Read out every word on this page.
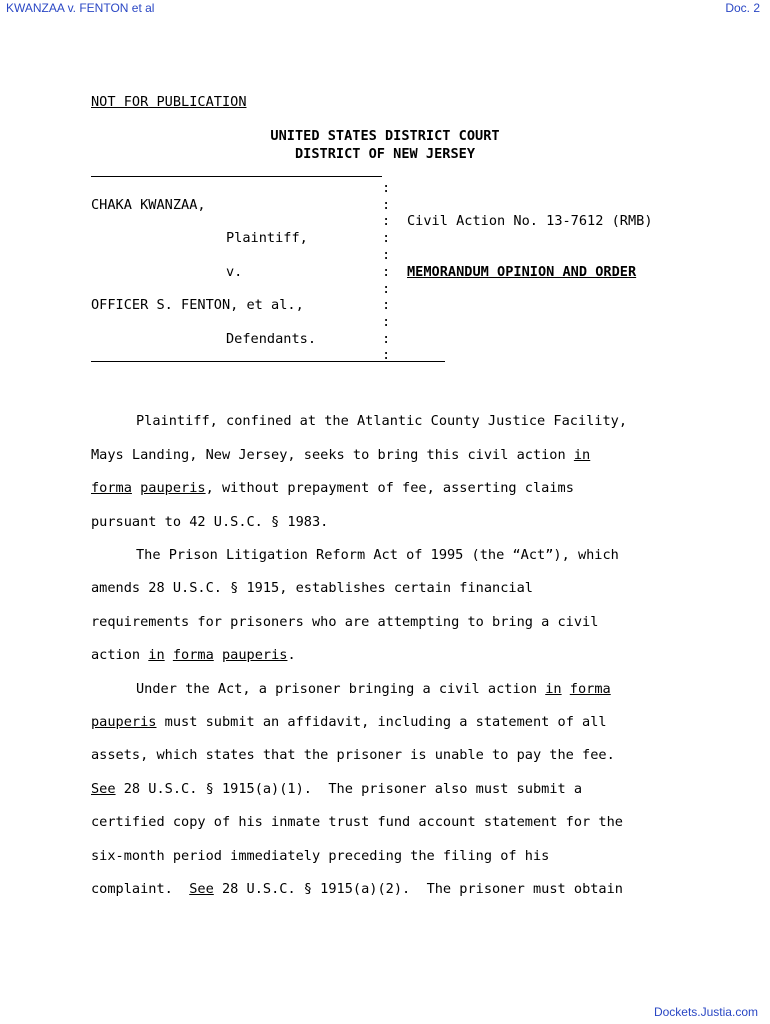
KWANZAA v. FENTON et al	Doc. 2
NOT FOR PUBLICATION
UNITED STATES DISTRICT COURT
DISTRICT OF NEW JERSEY
:
:
:
:
:
:
:
:
:
:
:
CHAKA KWANZAA,
Plaintiff,
v.
OFFICER S. FENTON, et al.,
Defendants.
Civil Action No. 13-7612 (RMB)
MEMORANDUM OPINION AND ORDER
Plaintiff, confined at the Atlantic County Justice Facility,
Mays Landing, New Jersey, seeks to bring this civil action in
forma pauperis, without prepayment of fee, asserting claims
pursuant to 42 U.S.C. § 1983.
The Prison Litigation Reform Act of 1995 (the “Act”), which
amends 28 U.S.C. § 1915, establishes certain financial
requirements for prisoners who are attempting to bring a civil
action in forma pauperis.
Under the Act, a prisoner bringing a civil action in forma
pauperis must submit an affidavit, including a statement of all
assets, which states that the prisoner is unable to pay the fee.
See 28 U.S.C. § 1915(a)(1).  The prisoner also must submit a
certified copy of his inmate trust fund account statement for the
six-month period immediately preceding the filing of his
complaint.  See 28 U.S.C. § 1915(a)(2).  The prisoner must obtain
Dockets.Justia.com
